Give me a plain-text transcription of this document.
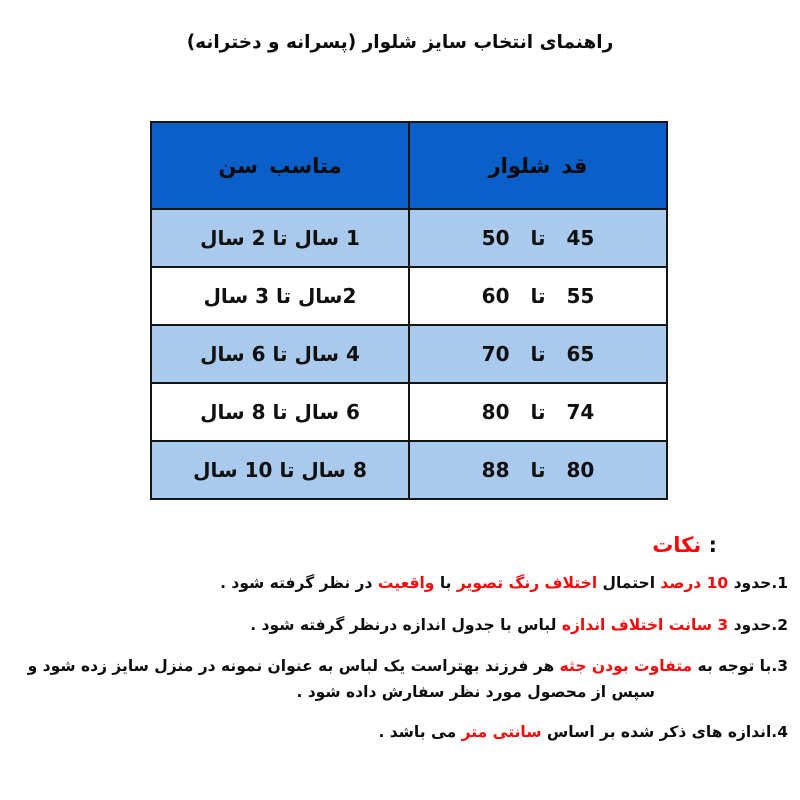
راهنمای انتخاب سایز شلوار (پسرانه و دخترانه)
متاسب سن	قد شلوار
1 سال تا 2 سال	45 تا 50
2سال تا 3 سال	55 تا 60
4 سال تا 6 سال	65 تا 70
6 سال تا 8 سال	74 تا 80
8 سال تا 10 سال	80 تا 88
نکات :
1.حدود 10 درصد احتمال اختلاف رنگ تصویر با واقعیت در نظر گرفته شود .
2.حدود 3 سانت اختلاف اندازه لباس با جدول اندازه درنظر گرفته شود .
3.با توجه به متفاوت بودن جثه هر فرزند بهتراست یک لباس به عنوان نمونه در منزل سایز زده شود و
سپس از محصول مورد نظر سفارش داده شود .
4.اندازه های ذکر شده بر اساس سانتی متر می باشد .
